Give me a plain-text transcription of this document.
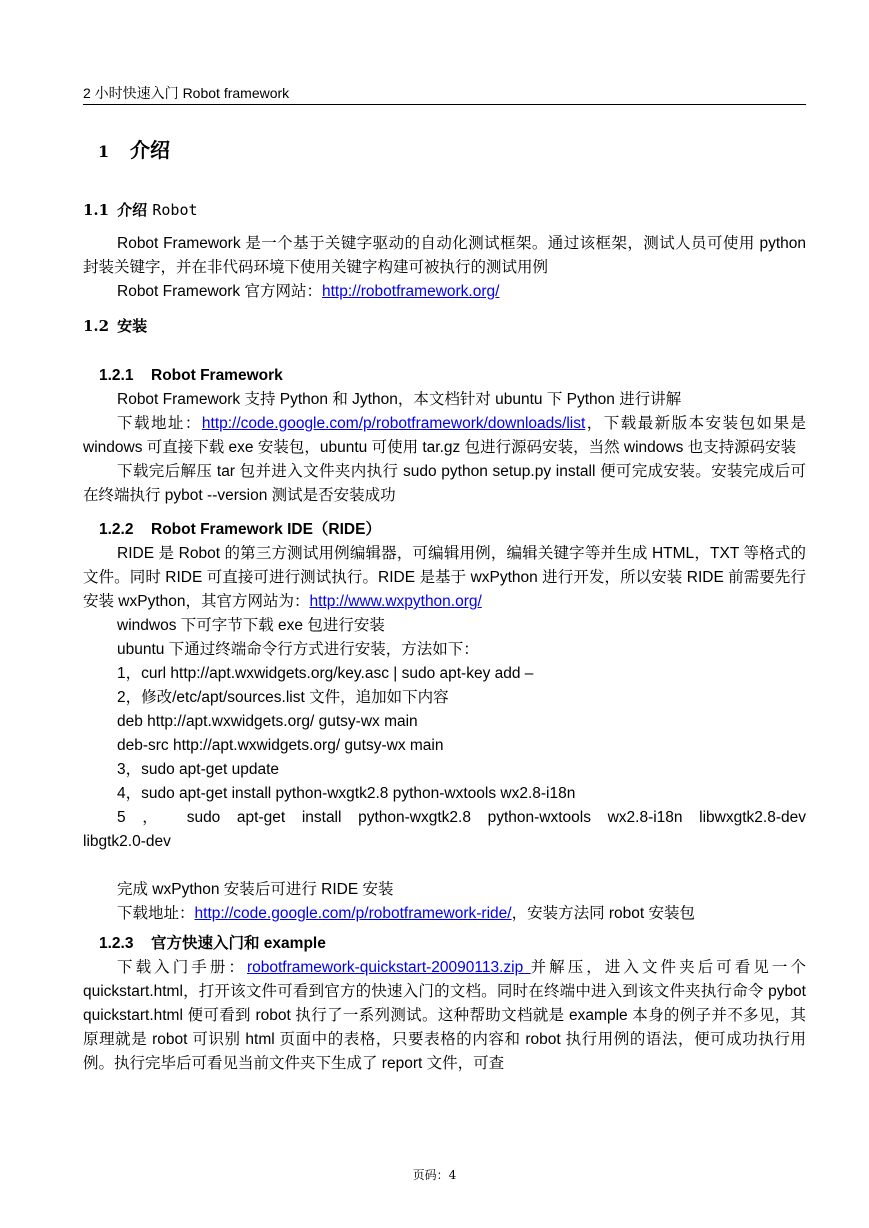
2 小时快速入门 Robot framework
1 介绍
1.1 介绍 Robot

Robot Framework 是一个基于关键字驱动的自动化测试框架。通过该框架，测试人员可使用 python 封装关键字，并在非代码环境下使用关键字构建可被执行的测试用例

Robot Framework 官方网站：http://robotframework.org/

1.2 安装
1.2.1 Robot Framework

Robot Framework 支持 Python 和 Jython，本文档针对 ubuntu 下 Python 进行讲解

下载地址：http://code.google.com/p/robotframework/downloads/list，下载最新版本安装包如果是 windows 可直接下载 exe 安装包，ubuntu 可使用 tar.gz 包进行源码安装，当然 windows 也支持源码安装

下载完后解压 tar 包并进入文件夹内执行 sudo python setup.py install 便可完成安装。安装完成后可在终端执行 pybot --version 测试是否安装成功

1.2.2 Robot Framework IDE（RIDE）

RIDE 是 Robot 的第三方测试用例编辑器，可编辑用例，编辑关键字等并生成 HTML，TXT 等格式的文件。同时 RIDE 可直接可进行测试执行。RIDE 是基于 wxPython 进行开发，所以安装 RIDE 前需要先行安装 wxPython，其官方网站为：http://www.wxpython.org/

windwos 下可字节下载 exe 包进行安装

ubuntu 下通过终端命令行方式进行安装，方法如下：

1，curl http://apt.wxwidgets.org/key.asc | sudo apt-key add –

2，修改/etc/apt/sources.list 文件，追加如下内容

deb http://apt.wxwidgets.org/ gutsy-wx main

deb-src http://apt.wxwidgets.org/ gutsy-wx main

3，sudo apt-get update

4，sudo apt-get install python-wxgtk2.8 python-wxtools wx2.8-i18n

5 ， sudo apt-get install python-wxgtk2.8 python-wxtools wx2.8-i18n libwxgtk2.8-dev

libgtk2.0-dev

完成 wxPython 安装后可进行 RIDE 安装

下载地址：http://code.google.com/p/robotframework-ride/，安装方法同 robot 安装包

1.2.3 官方快速入门和 example

下载入门手册：robotframework-quickstart-20090113.zip 并解压，进入文件夹后可看见一个 quickstart.html，打开该文件可看到官方的快速入门的文档。同时在终端中进入到该文件夹执行命令 pybot quickstart.html 便可看到 robot 执行了一系列测试。这种帮助文档就是 example 本身的例子并不多见，其原理就是 robot 可识别 html 页面中的表格，只要表格的内容和 robot 执行用例的语法，便可成功执行用例。执行完毕后可看见当前文件夹下生成了 report 文件，可查

页码：4
